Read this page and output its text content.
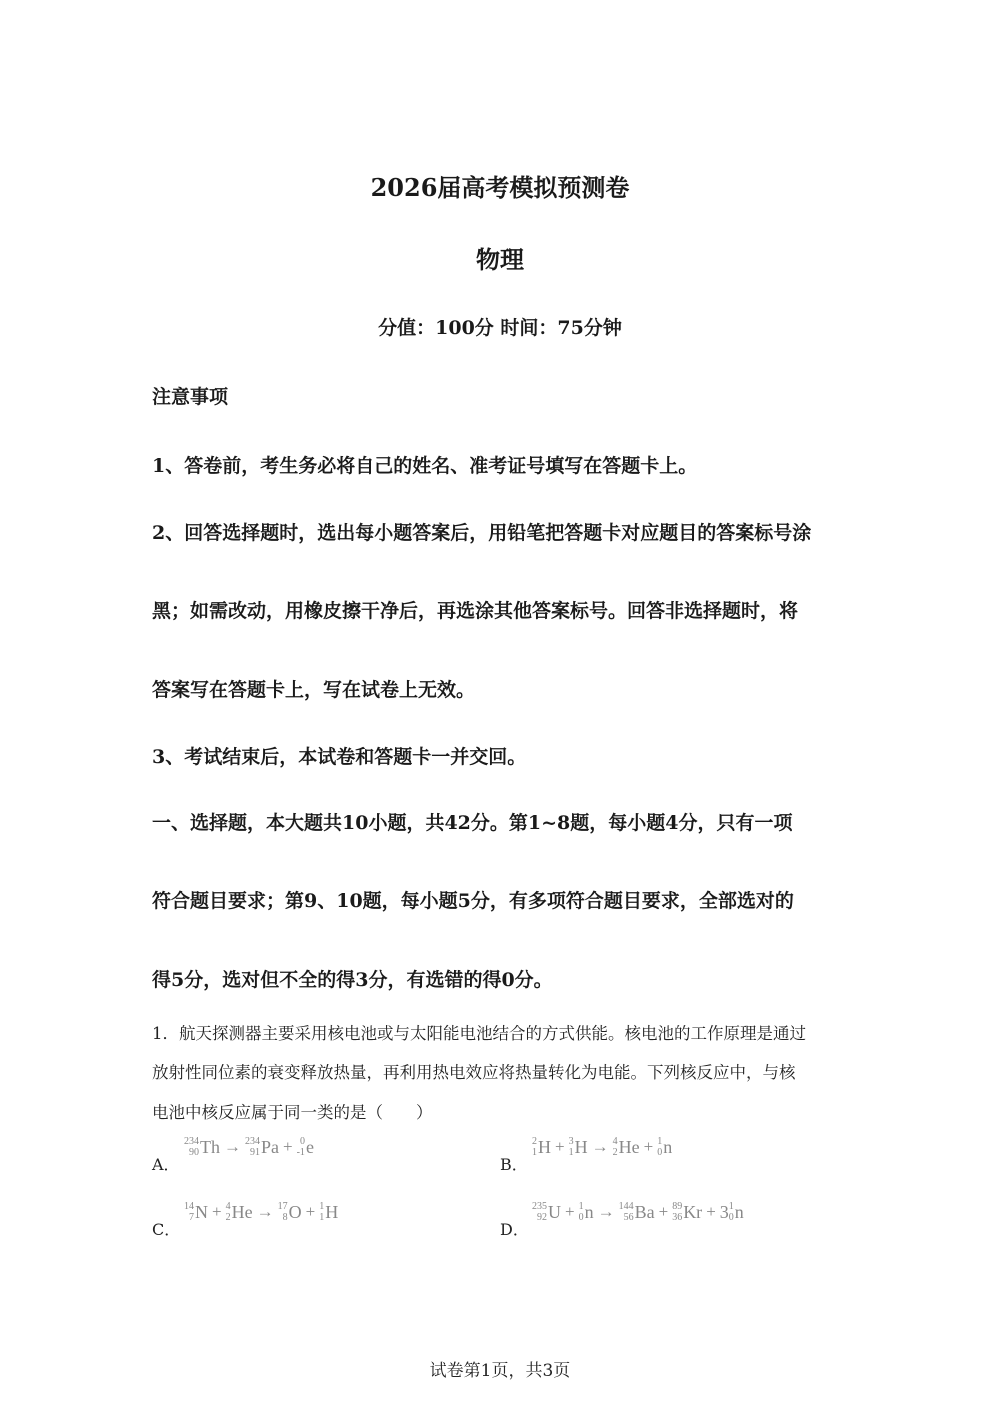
2026届高考模拟预测卷
物理
分值：100分 时间：75分钟
注意事项
1、答卷前，考生务必将自己的姓名、准考证号填写在答题卡上。
2、回答选择题时，选出每小题答案后，用铅笔把答题卡对应题目的答案标号涂
黑；如需改动，用橡皮擦干净后，再选涂其他答案标号。回答非选择题时，将
答案写在答题卡上，写在试卷上无效。
3、考试结束后，本试卷和答题卡一并交回。
一、选择题，本大题共10小题，共42分。第1~8题，每小题4分，只有一项
符合题目要求；第9、10题，每小题5分，有多项符合题目要求，全部选对的
得5分，选对但不全的得3分，有选错的得0分。
1．航天探测器主要采用核电池或与太阳能电池结合的方式供能。核电池的工作原理是通过
放射性同位素的衰变释放热量，再利用热电效应将热量转化为电能。下列核反应中，与核
电池中核反应属于同一类的是（　　）
A．
234
90 Th → 234
91 Pa + 0
-1 e
B．
2
1 H + 3
1 H → 4
2 He + 1
0 n
C．
14
7 N + 4
2 He → 17
8 O + 1
1 H
D．
235
92 U + 1
0 n → 144
56 Ba + 89
36 Kr + 3 1
0 n
试卷第1页，共3页
